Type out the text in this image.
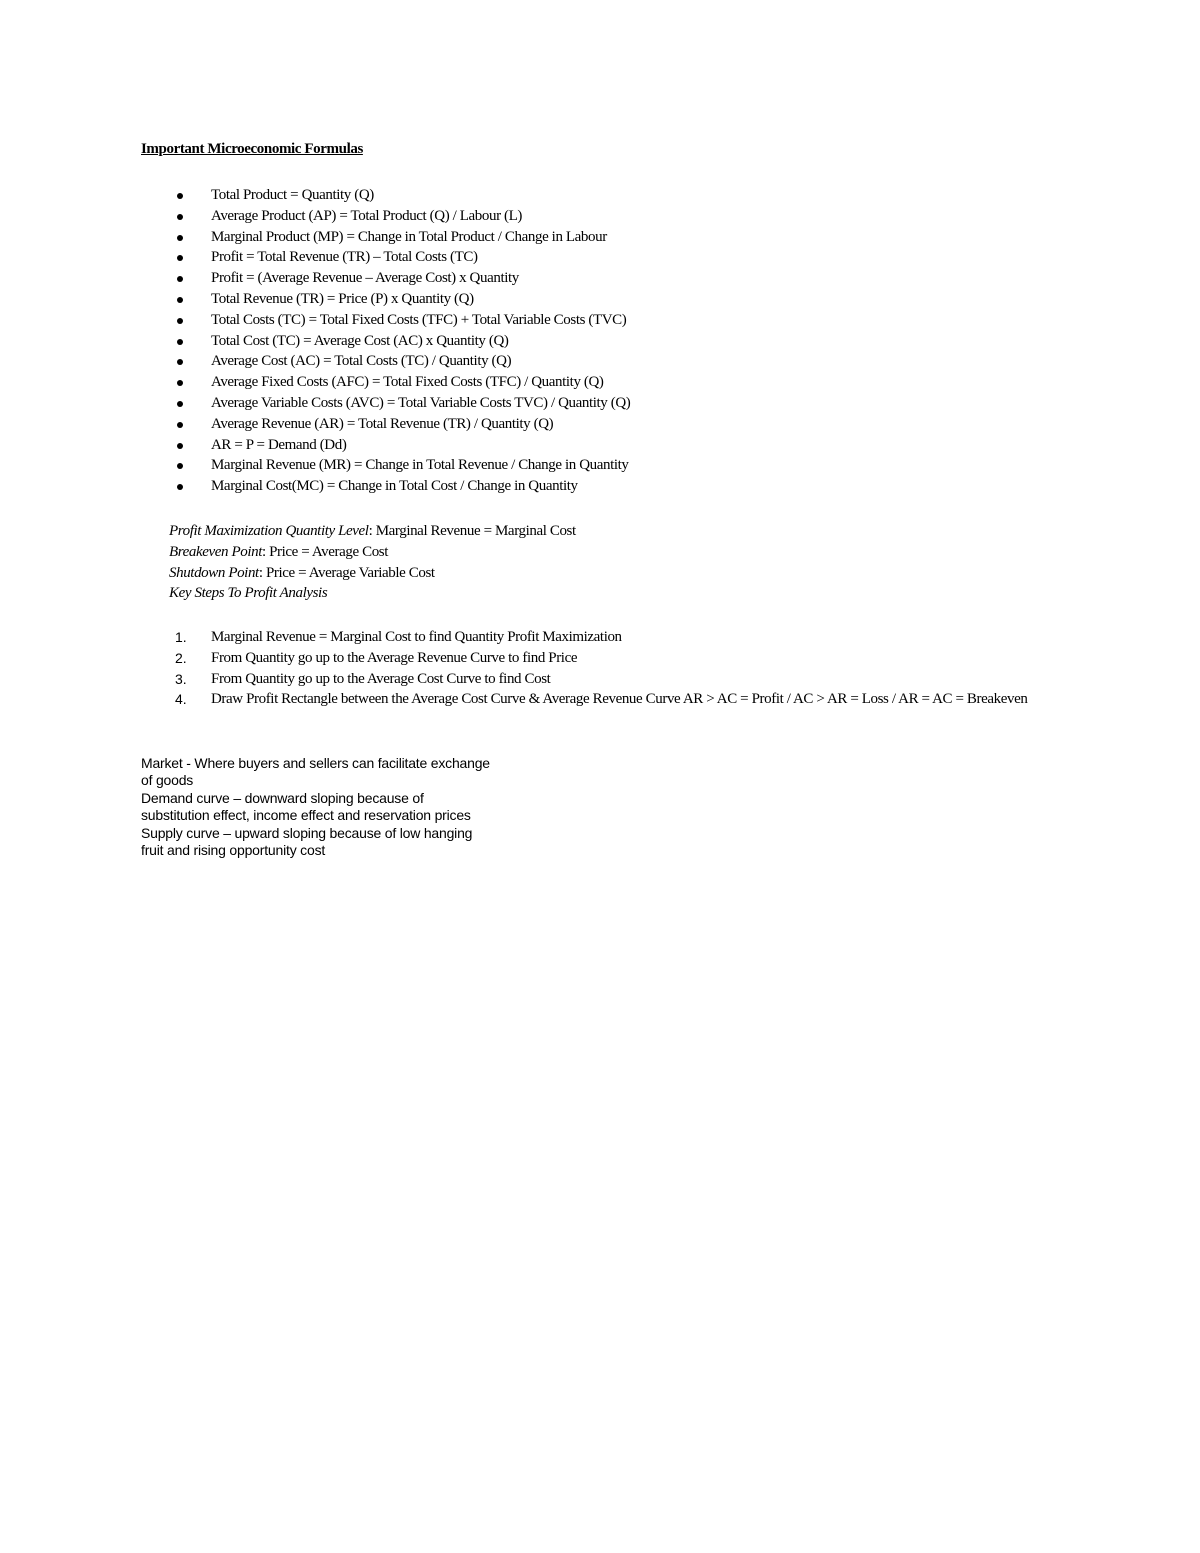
Important Microeconomic Formulas
Total Product = Quantity (Q)
Average Product (AP) = Total Product (Q) / Labour (L)
Marginal Product (MP) = Change in Total Product / Change in Labour
Profit = Total Revenue (TR) – Total Costs (TC)
Profit = (Average Revenue – Average Cost) x Quantity
Total Revenue (TR) = Price (P) x Quantity (Q)
Total Costs (TC) = Total Fixed Costs (TFC) + Total Variable Costs (TVC)
Total Cost (TC) = Average Cost (AC) x Quantity (Q)
Average Cost (AC) = Total Costs (TC) / Quantity (Q)
Average Fixed Costs (AFC) = Total Fixed Costs (TFC) / Quantity (Q)
Average Variable Costs (AVC) = Total Variable Costs TVC) / Quantity (Q)
Average Revenue (AR) = Total Revenue (TR) / Quantity (Q)
AR = P = Demand (Dd)
Marginal Revenue (MR) = Change in Total Revenue / Change in Quantity
Marginal Cost(MC) = Change in Total Cost / Change in Quantity
Profit Maximization Quantity Level: Marginal Revenue = Marginal Cost
Breakeven Point: Price = Average Cost
Shutdown Point: Price = Average Variable Cost
Key Steps To Profit Analysis
1. Marginal Revenue = Marginal Cost to find Quantity Profit Maximization
2. From Quantity go up to the Average Revenue Curve to find Price
3. From Quantity go up to the Average Cost Curve to find Cost
4. Draw Profit Rectangle between the Average Cost Curve & Average Revenue Curve AR > AC = Profit / AC > AR = Loss / AR = AC = Breakeven

Market - Where buyers and sellers can facilitate exchange of goods

Demand curve – downward sloping because of substitution effect, income effect and reservation prices

Supply curve – upward sloping because of low hanging fruit and rising opportunity cost
